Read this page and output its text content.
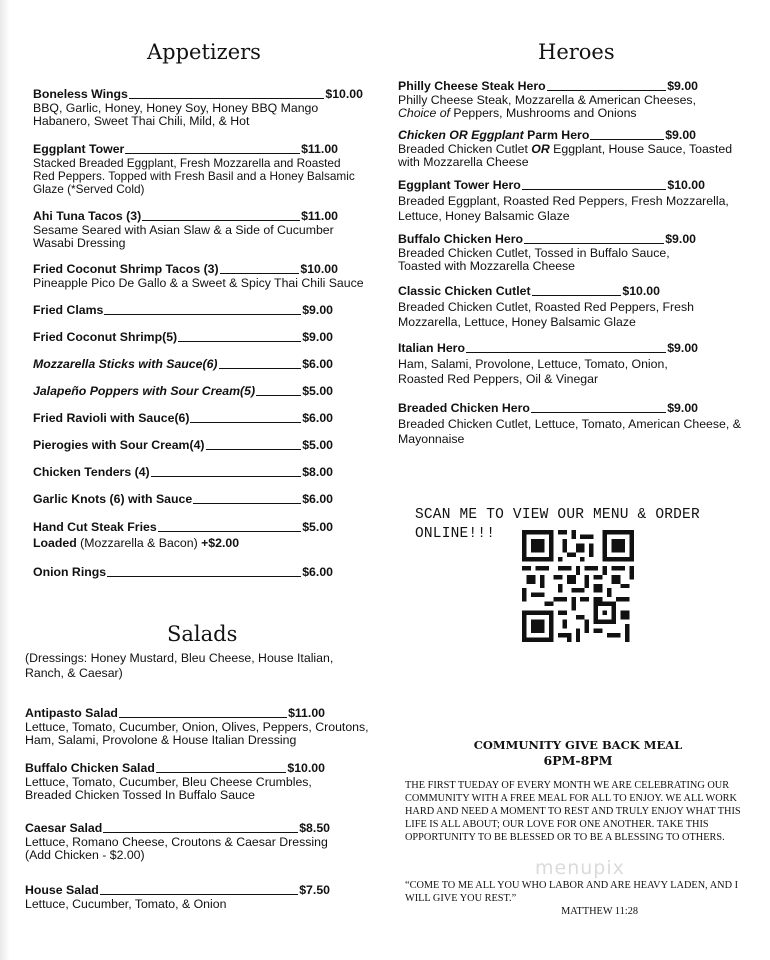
Appetizers
Boneless Wings	$10.00
BBQ, Garlic, Honey, Honey Soy, Honey BBQ Mango Habanero, Sweet Thai Chili, Mild, & Hot
Eggplant Tower	$11.00
Stacked Breaded Eggplant, Fresh Mozzarella and Roasted Red Peppers. Topped with Fresh Basil and a Honey Balsamic Glaze (*Served Cold)
Ahi Tuna Tacos (3)	$11.00
Sesame Seared with Asian Slaw & a Side of Cucumber Wasabi Dressing
Fried Coconut Shrimp Tacos (3)	$10.00
Pineapple Pico De Gallo & a Sweet & Spicy Thai Chili Sauce
Fried Clams	$9.00
Fried Coconut Shrimp(5)	$9.00
Mozzarella Sticks with Sauce(6)	$6.00
Jalapeño Poppers with Sour Cream(5)	$5.00
Fried Ravioli with Sauce(6)	$6.00
Pierogies with Sour Cream(4)	$5.00
Chicken Tenders (4)	$8.00
Garlic Knots (6) with Sauce	$6.00
Hand Cut Steak Fries	$5.00
Loaded (Mozzarella & Bacon) +$2.00
Onion Rings	$6.00
Salads
(Dressings: Honey Mustard, Bleu Cheese, House Italian, Ranch, & Caesar)
Antipasto Salad	$11.00
Lettuce, Tomato, Cucumber, Onion, Olives, Peppers, Croutons, Ham, Salami, Provolone & House Italian Dressing
Buffalo Chicken Salad	$10.00
Lettuce, Tomato, Cucumber, Bleu Cheese Crumbles, Breaded Chicken Tossed In Buffalo Sauce
Caesar Salad	$8.50
Lettuce, Romano Cheese, Croutons & Caesar Dressing (Add Chicken - $2.00)
House Salad	$7.50
Lettuce, Cucumber, Tomato, & Onion
Heroes
Philly Cheese Steak Hero	$9.00
Philly Cheese Steak, Mozzarella & American Cheeses,
Choice of Peppers, Mushrooms and Onions
Chicken OR Eggplant Parm Hero	$9.00
Breaded Chicken Cutlet OR Eggplant, House Sauce, Toasted with Mozzarella Cheese
Eggplant Tower Hero	$10.00
Breaded Eggplant, Roasted Red Peppers, Fresh Mozzarella, Lettuce, Honey Balsamic Glaze
Buffalo Chicken Hero	$9.00
Breaded Chicken Cutlet, Tossed in Buffalo Sauce, Toasted with Mozzarella Cheese
Classic Chicken Cutlet	$10.00
Breaded Chicken Cutlet, Roasted Red Peppers, Fresh Mozzarella, Lettuce, Honey Balsamic Glaze
Italian Hero	$9.00
Ham, Salami, Provolone, Lettuce, Tomato, Onion, Roasted Red Peppers, Oil & Vinegar
Breaded Chicken Hero	$9.00
Breaded Chicken Cutlet, Lettuce, Tomato, American Cheese, & Mayonnaise
SCAN ME TO VIEW OUR MENU & ORDER ONLINE!!!
COMMUNITY GIVE BACK MEAL
6PM-8PM
THE FIRST TUEDAY OF EVERY MONTH WE ARE CELEBRATING OUR COMMUNITY WITH A FREE MEAL FOR ALL TO ENJOY. WE ALL WORK HARD AND NEED A MOMENT TO REST AND TRULY ENJOY WHAT THIS LIFE IS ALL ABOUT; OUR LOVE FOR ONE ANOTHER. TAKE THIS OPPORTUNITY TO BE BLESSED OR TO BE A BLESSING TO OTHERS.
“COME TO ME ALL YOU WHO LABOR AND ARE HEAVY LADEN, AND I WILL GIVE YOU REST.”
MATTHEW 11:28
menupix
